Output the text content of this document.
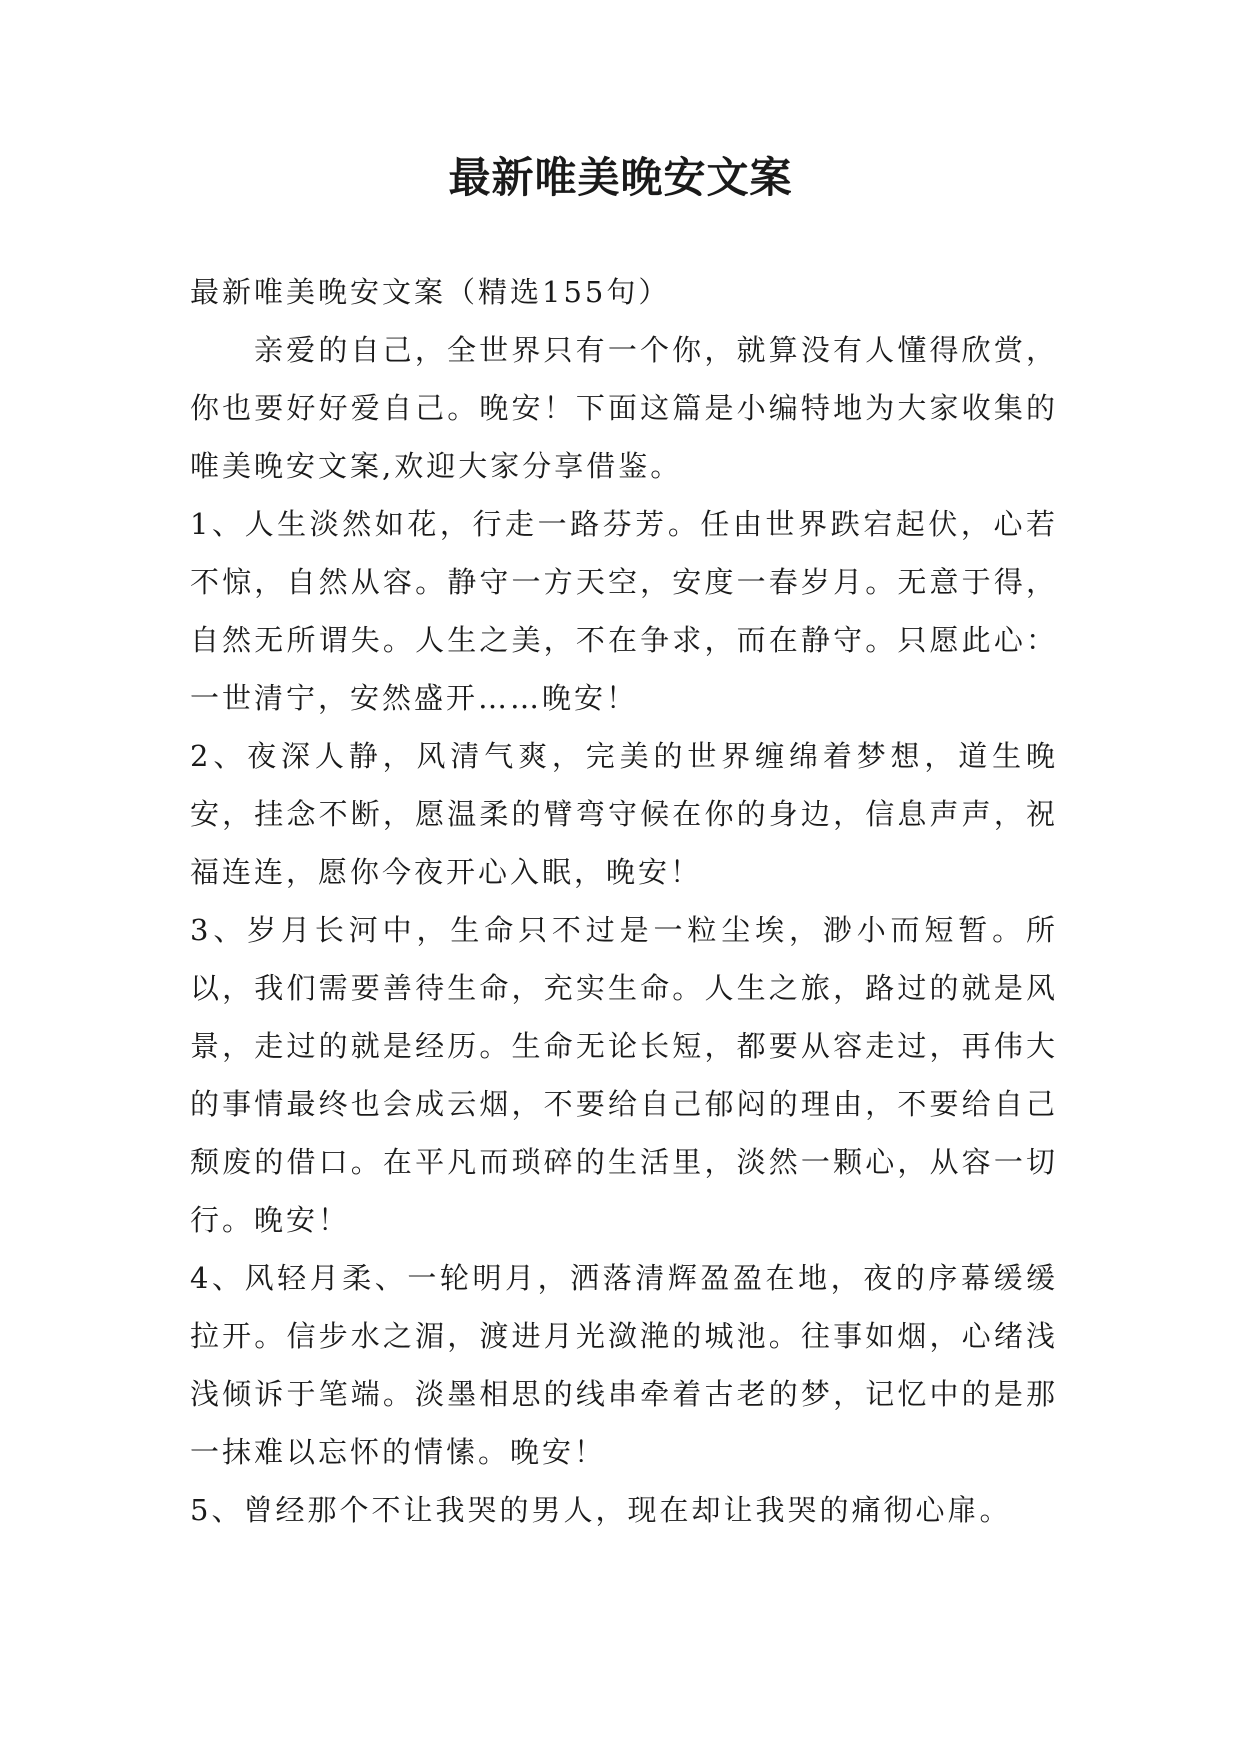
最新唯美晚安文案

最新唯美晚安文案（精选155句）

亲爱的自己，全世界只有一个你，就算没有人懂得欣赏，你也要好好爱自己。晚安！下面这篇是小编特地为大家收集的唯美晚安文案,欢迎大家分享借鉴。

1、人生淡然如花，行走一路芬芳。任由世界跌宕起伏，心若不惊，自然从容。静守一方天空，安度一春岁月。无意于得，自然无所谓失。人生之美，不在争求，而在静守。只愿此心：一世清宁，安然盛开……晚安！

2、夜深人静，风清气爽，完美的世界缠绵着梦想，道生晚安，挂念不断，愿温柔的臂弯守候在你的身边，信息声声，祝福连连，愿你今夜开心入眠，晚安！

3、岁月长河中，生命只不过是一粒尘埃，渺小而短暂。所以，我们需要善待生命，充实生命。人生之旅，路过的就是风景，走过的就是经历。生命无论长短，都要从容走过，再伟大的事情最终也会成云烟，不要给自己郁闷的理由，不要给自己颓废的借口。在平凡而琐碎的生活里，淡然一颗心，从容一切行。晚安！

4、风轻月柔、一轮明月，洒落清辉盈盈在地，夜的序幕缓缓拉开。信步水之湄，渡进月光潋滟的城池。往事如烟，心绪浅浅倾诉于笔端。淡墨相思的线串牵着古老的梦，记忆中的是那一抹难以忘怀的情愫。晚安！

5、曾经那个不让我哭的男人，现在却让我哭的痛彻心扉。
